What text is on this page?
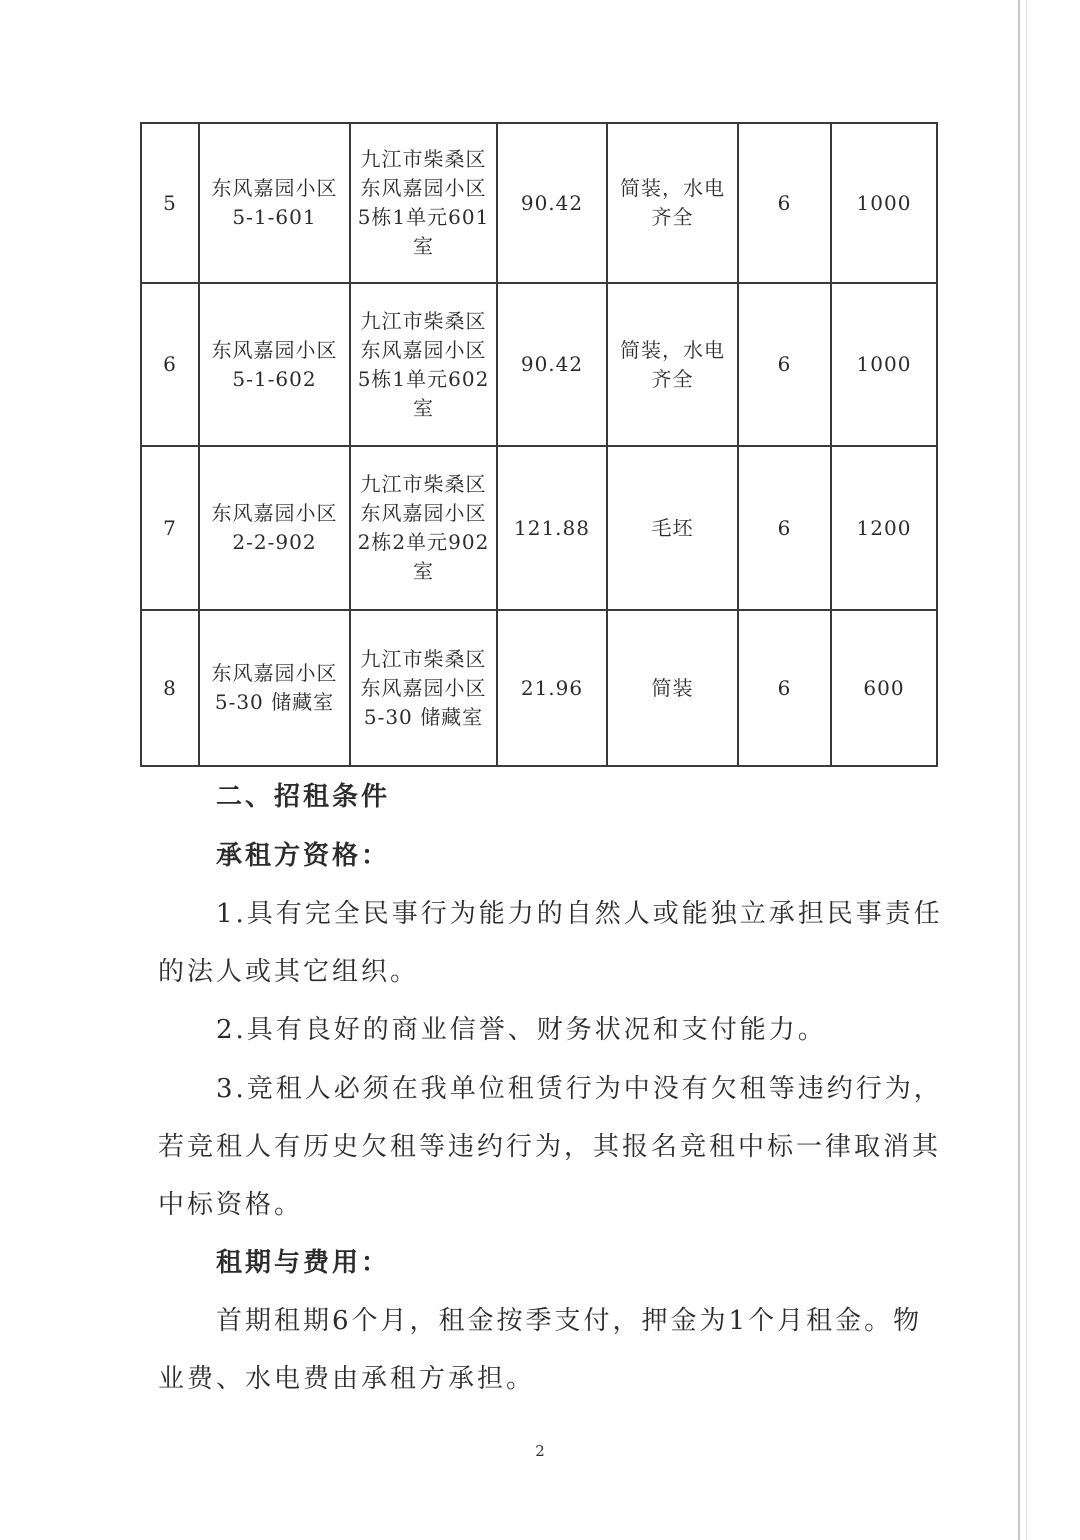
5	东风嘉园小区 5-1-601	九江市柴桑区东风嘉园小区5栋1单元601室	90.42	简装，水电齐全	6	1000
6	东风嘉园小区 5-1-602	九江市柴桑区东风嘉园小区5栋1单元602室	90.42	简装，水电齐全	6	1000
7	东风嘉园小区 2-2-902	九江市柴桑区东风嘉园小区2栋2单元902室	121.88	毛坯	6	1200
8	东风嘉园小区 5-30 储藏室	九江市柴桑区东风嘉园小区 5-30 储藏室	21.96	简装	6	600
二、招租条件
承租方资格：
1.具有完全民事行为能力的自然人或能独立承担民事责任的法人或其它组织。
2.具有良好的商业信誉、财务状况和支付能力。
3.竞租人必须在我单位租赁行为中没有欠租等违约行为，若竞租人有历史欠租等违约行为，其报名竞租中标一律取消其中标资格。
租期与费用：
首期租期6个月，租金按季支付，押金为1个月租金。物业费、水电费由承租方承担。
2
